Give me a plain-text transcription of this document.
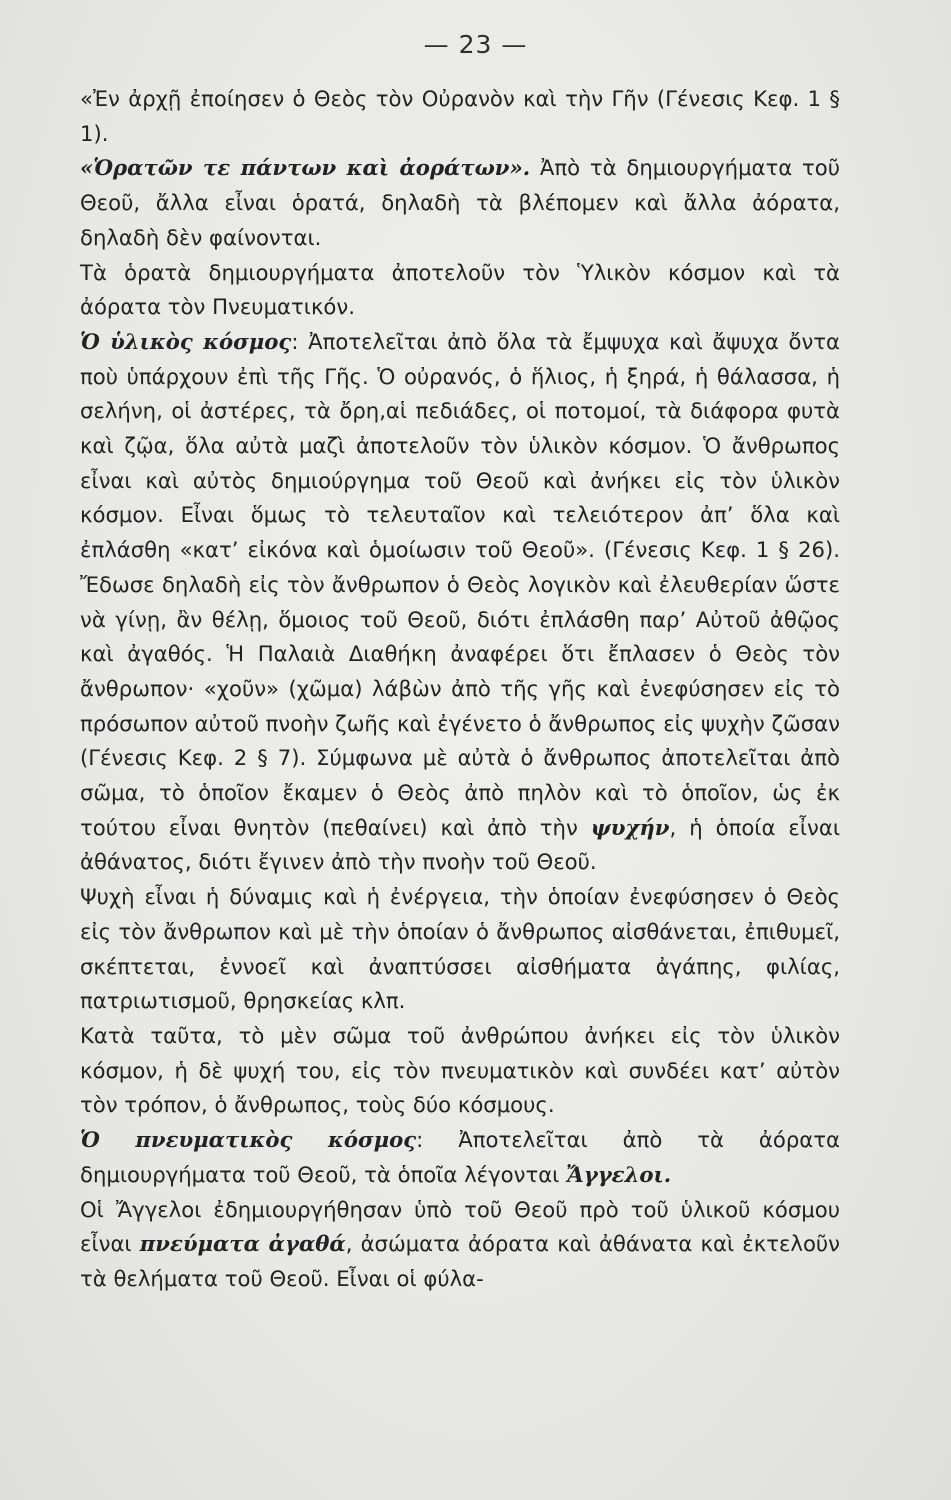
— 23 —

«Ἐν ἀρχῇ ἐποίησεν ὁ Θεὸς τὸν Οὐρανὸν καὶ τὴν Γῆν (Γένεσις Κεφ. 1 § 1).

«Ὁρατῶν τε πάντων καὶ ἀοράτων». Ἀπὸ τὰ δημιουργήματα τοῦ Θεοῦ, ἄλλα εἶναι ὁρατά, δηλαδὴ τὰ βλέπομεν καὶ ἄλλα ἀόρατα, δηλαδὴ δὲν φαίνονται.

Τὰ ὁρατὰ δημιουργήματα ἀποτελοῦν τὸν Ὑλικὸν κόσμον καὶ τὰ ἀόρατα τὸν Πνευματικόν.

Ὁ ὑλικὸς κόσμος: Ἀποτελεῖται ἀπὸ ὅλα τὰ ἔμψυχα καὶ ἄψυχα ὄντα ποὺ ὑπάρχουν ἐπὶ τῆς Γῆς. Ὁ οὐρανός, ὁ ἥλιος, ἡ ξηρά, ἡ θάλασσα, ἡ σελήνη, οἱ ἀστέρες, τὰ ὄρη,αἱ πεδιάδες, οἱ ποτομοί, τὰ διάφορα φυτὰ καὶ ζῷα, ὅλα αὐτὰ μαζὶ ἀποτελοῦν τὸν ὑλικὸν κόσμον. Ὁ ἄνθρωπος εἶναι καὶ αὐτὸς δημιούργημα τοῦ Θεοῦ καὶ ἀνήκει εἰς τὸν ὑλικὸν κόσμον. Εἶναι ὅμως τὸ τελευταῖον καὶ τελειότερον ἀπ’ ὅλα καὶ ἐπλάσθη «κατ’ εἰκόνα καὶ ὁμοίωσιν τοῦ Θεοῦ». (Γένεσις Κεφ. 1 § 26). Ἔδωσε δηλαδὴ εἰς τὸν ἄνθρωπον ὁ Θεὸς λογικὸν καὶ ἐλευθερίαν ὥστε νὰ γίνῃ, ἂν θέλῃ, ὅμοιος τοῦ Θεοῦ, διότι ἐπλάσθη παρ’ Αὐτοῦ ἀθῷος καὶ ἀγαθός. Ἡ Παλαιὰ Διαθήκη ἀναφέρει ὅτι ἔπλασεν ὁ Θεὸς τὸν ἄνθρωπον· «χοῦν» (χῶμα) λάβὼν ἀπὸ τῆς γῆς καὶ ἐνεφύσησεν εἰς τὸ πρόσωπον αὐτοῦ πνοὴν ζωῆς καὶ ἐγένετο ὁ ἄνθρωπος εἰς ψυχὴν ζῶσαν (Γένεσις Κεφ. 2 § 7). Σύμφωνα μὲ αὐτὰ ὁ ἄνθρωπος ἀποτελεῖται ἀπὸ σῶμα, τὸ ὁποῖον ἔκαμεν ὁ Θεὸς ἀπὸ πηλὸν καὶ τὸ ὁποῖον, ὡς ἐκ τούτου εἶναι θνητὸν (πεθαίνει) καὶ ἀπὸ τὴν ψυχήν, ἡ ὁποία εἶναι ἀθάνατος, διότι ἔγινεν ἀπὸ τὴν πνοὴν τοῦ Θεοῦ.

Ψυχὴ εἶναι ἡ δύναμις καὶ ἡ ἐνέργεια, τὴν ὁποίαν ἐνεφύσησεν ὁ Θεὸς εἰς τὸν ἄνθρωπον καὶ μὲ τὴν ὁποίαν ὁ ἄνθρωπος αἰσθάνεται, ἐπιθυμεῖ, σκέπτεται, ἐννοεῖ καὶ ἀναπτύσσει αἰσθήματα ἀγάπης, φιλίας, πατριωτισμοῦ, θρησκείας κλπ.

Κατὰ ταῦτα, τὸ μὲν σῶμα τοῦ ἀνθρώπου ἀνήκει εἰς τὸν ὑλικὸν κόσμον, ἡ δὲ ψυχή του, εἰς τὸν πνευματικὸν καὶ συνδέει κατ’ αὐτὸν τὸν τρόπον, ὁ ἄνθρωπος, τοὺς δύο κόσμους.

Ὁ πνευματικὸς κόσμος: Ἀποτελεῖται ἀπὸ τὰ ἀόρατα δημιουργήματα τοῦ Θεοῦ, τὰ ὁποῖα λέγονται Ἄγγελοι.

Οἱ Ἄγγελοι ἐδημιουργήθησαν ὑπὸ τοῦ Θεοῦ πρὸ τοῦ ὑλικοῦ κόσμου εἶναι πνεύματα ἀγαθά, ἀσώματα ἀόρατα καὶ ἀθάνατα καὶ ἐκτελοῦν τὰ θελήματα τοῦ Θεοῦ. Εἶναι οἱ φύλα-
